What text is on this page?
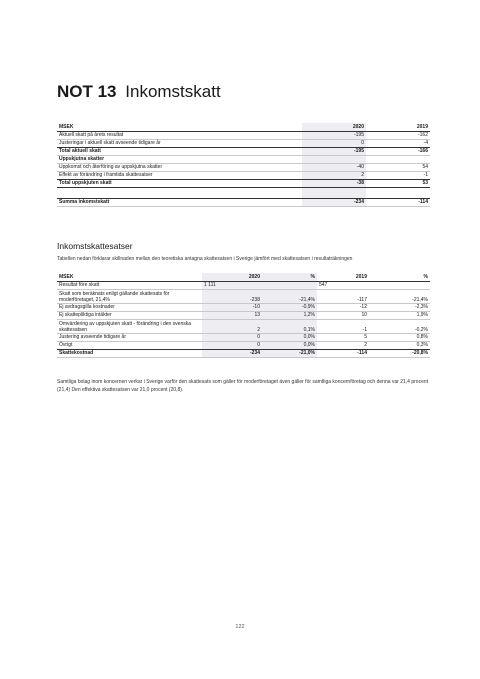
NOT 13 Inkomstskatt
MSEK	2020	2019
Aktuell skatt på årets resultat	-195	-162
Justeringar i aktuell skatt avseende tidigare år	0	-4
Total aktuell skatt	-195	-166
Uppskjutna skatter		
Uppkomst och återföring av uppskjutna skatter	-40	54
Effekt av förändring i framtida skattesatser	2	-1
Total uppskjuten skatt	-38	53

Summa inkomstskatt	-234	-114
Inkomstskattesatser
Tabellen nedan förklarar skillnaden mellan den teoretiska antagna skattesatsen i Sverige jämfört med skattesatsen i resultaträkningen
MSEK	2020	%	2019	%
Resultat före skatt	1 111		547	
Skatt som beräknats enligt gällande skattesats för moderföretaget, 21,4%	-238	-21,4%	-117	-21,4%
Ej avdragsgilla kostnader	-10	-0,9%	-12	-2,3%
Ej skattepliktiga intäkter	13	1,2%	10	1,9%
Omvärdering av uppskjuten skatt - förändring i den svenska skattesatsen	2	0,1%	-1	-0,2%
Justering avseende tidigare år	0	0,0%	5	0,8%
Övrigt	0	0,0%	2	0,3%
Skattekostnad	-234	-21,0%	-114	-20,8%
Samtliga bolag inom koncernen verkar i Sverige varför den skattesats som gäller för moderföretaget även gäller för samtliga koncernföretag och denna var 21,4 procent (21,4) Den effektiva skattesatsen var 21,0 procent (20,8).
122
